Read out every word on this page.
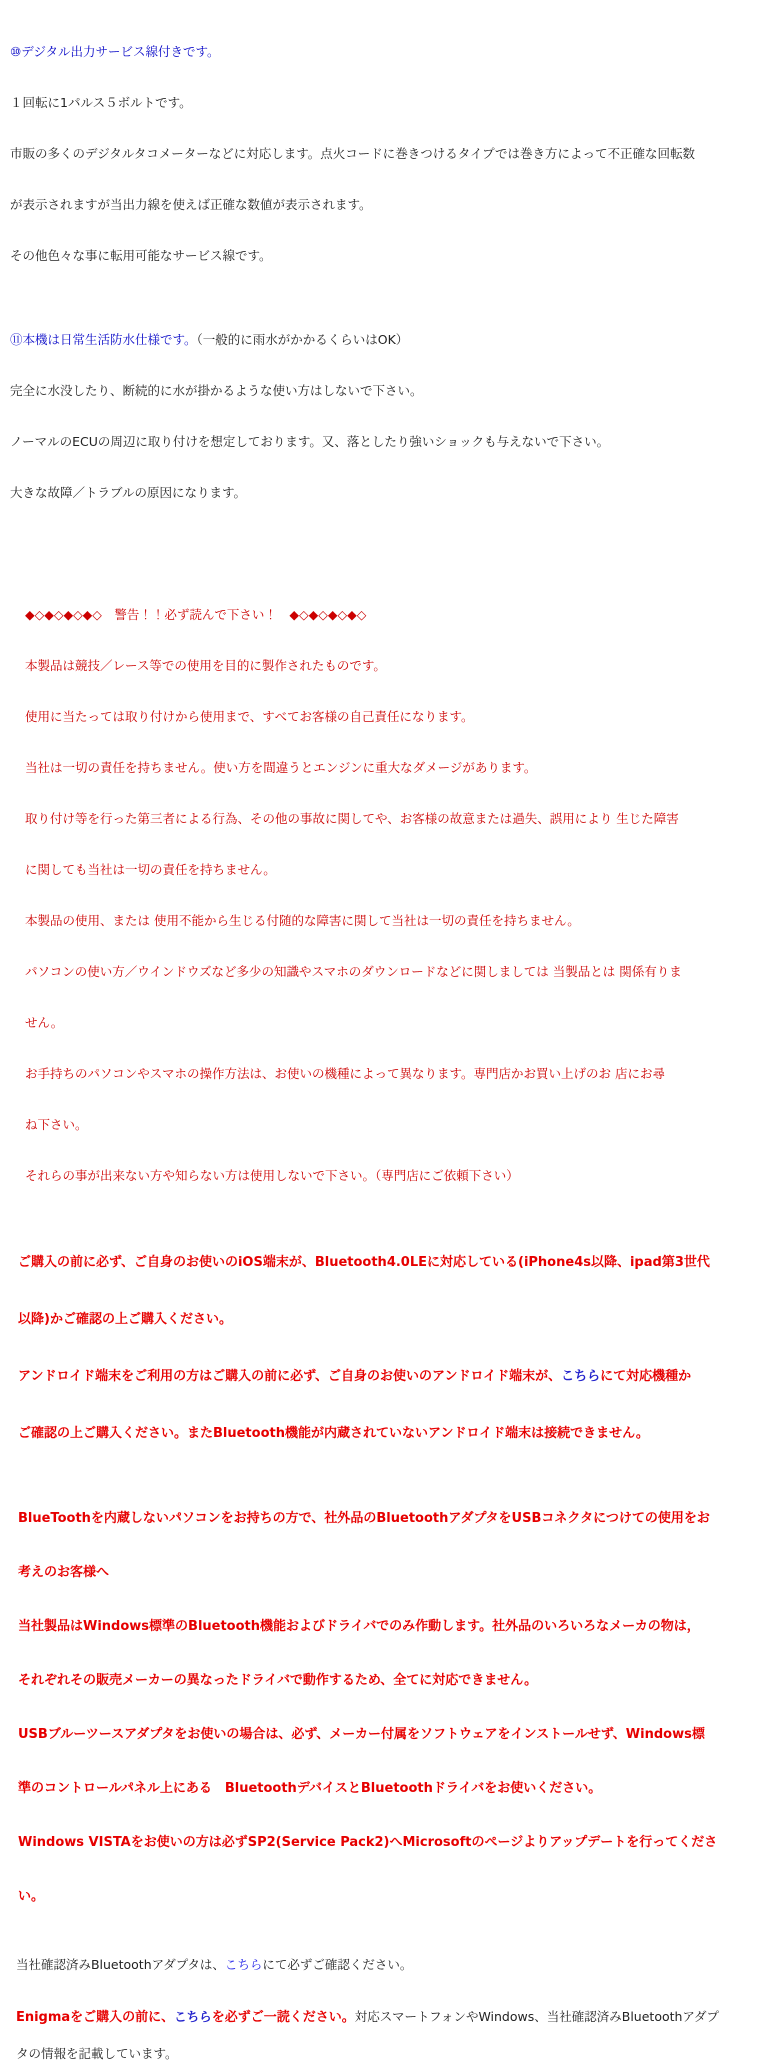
⑩デジタル出力サービス線付きです。

１回転に1パルス５ボルトです。

市販の多くのデジタルタコメーターなどに対応します。点火コードに巻きつけるタイプでは巻き方によって不正確な回転数

が表示されますが当出力線を使えば正確な数値が表示されます。

その他色々な事に転用可能なサービス線です。

⑪本機は日常生活防水仕様です。（一般的に雨水がかかるくらいはOK）

完全に水没したり、断続的に水が掛かるような使い方はしないで下さい。

ノーマルのECUの周辺に取り付けを想定しております。又、落としたり強いショックも与えないで下さい。

大きな故障／トラブルの原因になります。

◆◇◆◇◆◇◆◇　警告！！必ず読んで下さい！　◆◇◆◇◆◇◆◇

本製品は競技／レース等での使用を目的に製作されたものです。

使用に当たっては取り付けから使用まで、すべてお客様の自己責任になります。

当社は一切の責任を持ちません。使い方を間違うとエンジンに重大なダメージがあります。

取り付け等を行った第三者による行為、その他の事故に関してや、お客様の故意または過失、誤用により 生じた障害

に関しても当社は一切の責任を持ちません。

本製品の使用、または 使用不能から生じる付随的な障害に関して当社は一切の責任を持ちません。

パソコンの使い方／ウインドウズなど多少の知識やスマホのダウンロードなどに関しましては 当製品とは 関係有りま

せん。

お手持ちのパソコンやスマホの操作方法は、お使いの機種によって異なります。専門店かお買い上げのお 店にお尋

ね下さい。

それらの事が出来ない方や知らない方は使用しないで下さい。（専門店にご依頼下さい）

ご購入の前に必ず、ご自身のお使いのiOS端末が、Bluetooth4.0LEに対応している(iPhone4s以降、ipad第3世代

以降)かご確認の上ご購入ください。

アンドロイド端末をご利用の方はご購入の前に必ず、ご自身のお使いのアンドロイド端末が、こちらにて対応機種か

ご確認の上ご購入ください。またBluetooth機能が内蔵されていないアンドロイド端末は接続できません。

BlueToothを内蔵しないパソコンをお持ちの方で、社外品のBluetoothアダプタをUSBコネクタにつけての使用をお

考えのお客様へ

当社製品はWindows標準のBluetooth機能およびドライバでのみ作動します。社外品のいろいろなメーカの物は，

それぞれその販売メーカーの異なったドライバで動作するため、全てに対応できません。

USBブルーツースアダプタをお使いの場合は、必ず、メーカー付属をソフトウェアをインストールせず、Windows標

準のコントロールパネル上にある　BluetoothデバイスとBluetoothドライバをお使いください。

Windows VISTAをお使いの方は必ずSP2(Service Pack2)へMicrosoftのページよりアップデートを行ってくださ

い。

当社確認済みBluetoothアダプタは、こちらにて必ずご確認ください。

Enigmaをご購入の前に、こちらを必ずご一読ください。対応スマートフォンやWindows、当社確認済みBluetoothアダプ

タの情報を記載しています。
